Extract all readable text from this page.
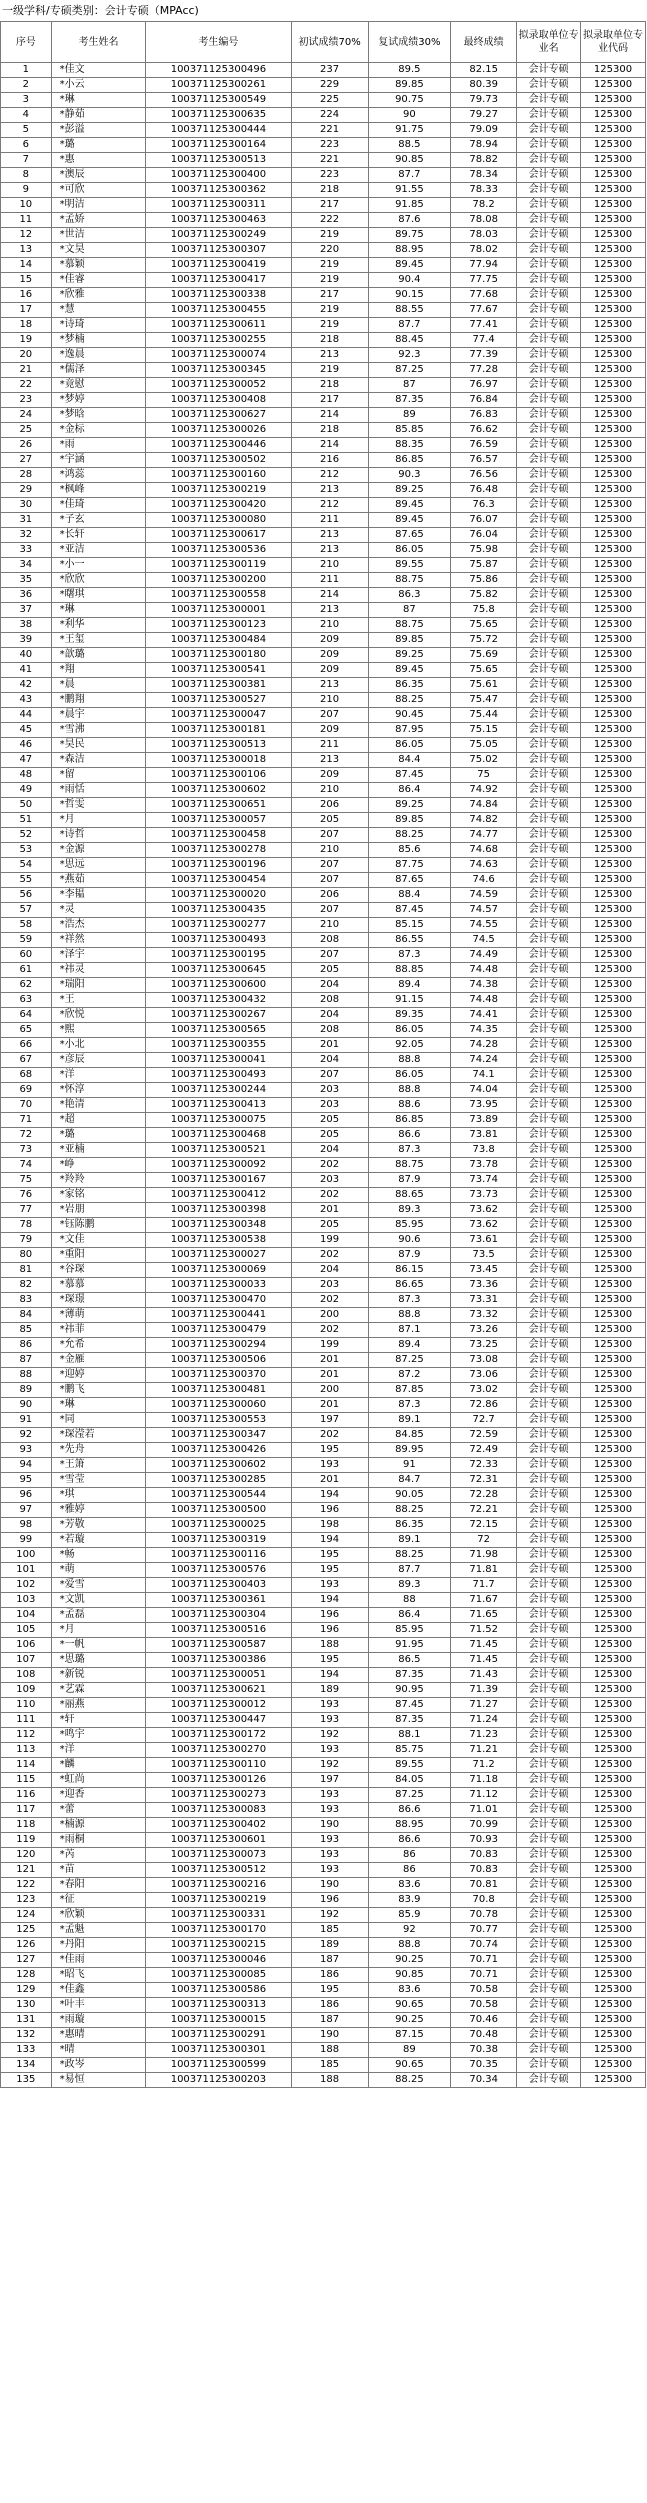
一级学科/专硕类别：会计专硕（MPAcc)
序号	考生姓名	考生编号	初试成绩70%	复试成绩30%	最终成绩	拟录取单位专业名	拟录取单位专业代码
1	*佳文	100371125300496	237	89.5	82.15	会计专硕	125300
2	*小云	100371125300261	229	89.85	80.39	会计专硕	125300
3	*琳	100371125300549	225	90.75	79.73	会计专硕	125300
4	*静茹	100371125300635	224	90	79.27	会计专硕	125300
5	*彭溢	100371125300444	221	91.75	79.09	会计专硕	125300
6	*璐	100371125300164	223	88.5	78.94	会计专硕	125300
7	*惠	100371125300513	221	90.85	78.82	会计专硕	125300
8	*澳辰	100371125300400	223	87.7	78.34	会计专硕	125300
9	*可欣	100371125300362	218	91.55	78.33	会计专硕	125300
10	*明洁	100371125300311	217	91.85	78.2	会计专硕	125300
11	*孟娇	100371125300463	222	87.6	78.08	会计专硕	125300
12	*世洁	100371125300249	219	89.75	78.03	会计专硕	125300
13	*文昊	100371125300307	220	88.95	78.02	会计专硕	125300
14	*慕颖	100371125300419	219	89.45	77.94	会计专硕	125300
15	*佳睿	100371125300417	219	90.4	77.75	会计专硕	125300
16	*欣雅	100371125300338	217	90.15	77.68	会计专硕	125300
17	*慧	100371125300455	219	88.55	77.67	会计专硕	125300
18	*诗琦	100371125300611	219	87.7	77.41	会计专硕	125300
19	*梦楠	100371125300255	218	88.45	77.4	会计专硕	125300
20	*逸晨	100371125300074	213	92.3	77.39	会计专硕	125300
21	*儒泽	100371125300345	219	87.25	77.28	会计专硕	125300
22	*竟慰	100371125300052	218	87	76.97	会计专硕	125300
23	*梦婷	100371125300408	217	87.35	76.84	会计专硕	125300
24	*梦晗	100371125300627	214	89	76.83	会计专硕	125300
25	*金标	100371125300026	218	85.85	76.62	会计专硕	125300
26	*雨	100371125300446	214	88.35	76.59	会计专硕	125300
27	*宇涵	100371125300502	216	86.85	76.57	会计专硕	125300
28	*鸿蕊	100371125300160	212	90.3	76.56	会计专硕	125300
29	*枫峰	100371125300219	213	89.25	76.48	会计专硕	125300
30	*佳琦	100371125300420	212	89.45	76.3	会计专硕	125300
31	*子玄	100371125300080	211	89.45	76.07	会计专硕	125300
32	*长轩	100371125300617	213	87.65	76.04	会计专硕	125300
33	*亚洁	100371125300536	213	86.05	75.98	会计专硕	125300
34	*小一	100371125300119	210	89.55	75.87	会计专硕	125300
35	*欣欣	100371125300200	211	88.75	75.86	会计专硕	125300
36	*曙琪	100371125300558	214	86.3	75.82	会计专硕	125300
37	*琳	100371125300001	213	87	75.8	会计专硕	125300
38	*利华	100371125300123	210	88.75	75.65	会计专硕	125300
39	*王玺	100371125300484	209	89.85	75.72	会计专硕	125300
40	*歆璐	100371125300180	209	89.25	75.69	会计专硕	125300
41	*翔	100371125300541	209	89.45	75.65	会计专硕	125300
42	*晨	100371125300381	213	86.35	75.61	会计专硕	125300
43	*鹏翔	100371125300527	210	88.25	75.47	会计专硕	125300
44	*晨宇	100371125300047	207	90.45	75.44	会计专硕	125300
45	*雪沸	100371125300181	209	87.95	75.15	会计专硕	125300
46	*昊民	100371125300513	211	86.05	75.05	会计专硕	125300
47	*森洁	100371125300018	213	84.4	75.02	会计专硕	125300
48	*留	100371125300106	209	87.45	75	会计专硕	125300
49	*雨恬	100371125300602	210	86.4	74.92	会计专硕	125300
50	*哲雯	100371125300651	206	89.25	74.84	会计专硕	125300
51	*月	100371125300057	205	89.85	74.82	会计专硕	125300
52	*诗哲	100371125300458	207	88.25	74.77	会计专硕	125300
53	*金源	100371125300278	210	85.6	74.68	会计专硕	125300
54	*思远	100371125300196	207	87.75	74.63	会计专硕	125300
55	*燕茹	100371125300454	207	87.65	74.6	会计专硕	125300
56	*李韫	100371125300020	206	88.4	74.59	会计专硕	125300
57	*灵	100371125300435	207	87.45	74.57	会计专硕	125300
58	*浩杰	100371125300277	210	85.15	74.55	会计专硕	125300
59	*祥然	100371125300493	208	86.55	74.5	会计专硕	125300
60	*泽宇	100371125300195	207	87.3	74.49	会计专硕	125300
61	*祎灵	100371125300645	205	88.85	74.48	会计专硕	125300
62	*瑞阳	100371125300600	204	89.4	74.38	会计专硕	125300
63	*王	100371125300432	208	91.15	74.48	会计专硕	125300
64	*欣悦	100371125300267	204	89.35	74.41	会计专硕	125300
65	*熙	100371125300565	208	86.05	74.35	会计专硕	125300
66	*小北	100371125300355	201	92.05	74.28	会计专硕	125300
67	*彦辰	100371125300041	204	88.8	74.24	会计专硕	125300
68	*洋	100371125300493	207	86.05	74.1	会计专硕	125300
69	*怀淳	100371125300244	203	88.8	74.04	会计专硕	125300
70	*艳清	100371125300413	203	88.6	73.95	会计专硕	125300
71	*超	100371125300075	205	86.85	73.89	会计专硕	125300
72	*璐	100371125300468	205	86.6	73.81	会计专硕	125300
73	*亚楠	100371125300521	204	87.3	73.8	会计专硕	125300
74	*峥	100371125300092	202	88.75	73.78	会计专硕	125300
75	*羚羚	100371125300167	203	87.9	73.74	会计专硕	125300
76	*家铭	100371125300412	202	88.65	73.73	会计专硕	125300
77	*岩朋	100371125300398	201	89.3	73.62	会计专硕	125300
78	*钰陈鹏	100371125300348	205	85.95	73.62	会计专硕	125300
79	*文佳	100371125300538	199	90.6	73.61	会计专硕	125300
80	*重阳	100371125300027	202	87.9	73.5	会计专硕	125300
81	*谷琛	100371125300069	204	86.15	73.45	会计专硕	125300
82	*慕慕	100371125300033	203	86.65	73.36	会计专硕	125300
83	*琛璟	100371125300470	202	87.3	73.31	会计专硕	125300
84	*薄萌	100371125300441	200	88.8	73.32	会计专硕	125300
85	*祎菲	100371125300479	202	87.1	73.26	会计专硕	125300
86	*允希	100371125300294	199	89.4	73.25	会计专硕	125300
87	*金雁	100371125300506	201	87.25	73.08	会计专硕	125300
88	*迎婷	100371125300370	201	87.2	73.06	会计专硕	125300
89	*鹏飞	100371125300481	200	87.85	73.02	会计专硕	125300
90	*琳	100371125300060	201	87.3	72.86	会计专硕	125300
91	*同	100371125300553	197	89.1	72.7	会计专硕	125300
92	*琛滢若	100371125300347	202	84.85	72.59	会计专硕	125300
93	*先舟	100371125300426	195	89.95	72.49	会计专硕	125300
94	*王箫	100371125300602	193	91	72.33	会计专硕	125300
95	*雪莹	100371125300285	201	84.7	72.31	会计专硕	125300
96	*琪	100371125300544	194	90.05	72.28	会计专硕	125300
97	*雅婷	100371125300500	196	88.25	72.21	会计专硕	125300
98	*芳敬	100371125300025	198	86.35	72.15	会计专硕	125300
99	*若璇	100371125300319	194	89.1	72	会计专硕	125300
100	*畅	100371125300116	195	88.25	71.98	会计专硕	125300
101	*萌	100371125300576	195	87.7	71.81	会计专硕	125300
102	*爱雪	100371125300403	193	89.3	71.7	会计专硕	125300
103	*文凯	100371125300361	194	88	71.67	会计专硕	125300
104	*孟磊	100371125300304	196	86.4	71.65	会计专硕	125300
105	*月	100371125300516	196	85.95	71.52	会计专硕	125300
106	*一帆	100371125300587	188	91.95	71.45	会计专硕	125300
107	*思璐	100371125300386	195	86.5	71.45	会计专硕	125300
108	*新锐	100371125300051	194	87.35	71.43	会计专硕	125300
109	*艺霖	100371125300621	189	90.95	71.39	会计专硕	125300
110	*丽燕	100371125300012	193	87.45	71.27	会计专硕	125300
111	*轩	100371125300447	193	87.35	71.24	会计专硕	125300
112	*鸣宇	100371125300172	192	88.1	71.23	会计专硕	125300
113	*洋	100371125300270	193	85.75	71.21	会计专硕	125300
114	*麟	100371125300110	192	89.55	71.2	会计专硕	125300
115	*虹尚	100371125300126	197	84.05	71.18	会计专硕	125300
116	*迎香	100371125300273	193	87.25	71.12	会计专硕	125300
117	*蕾	100371125300083	193	86.6	71.01	会计专硕	125300
118	*楠源	100371125300402	190	88.95	70.99	会计专硕	125300
119	*雨桐	100371125300601	193	86.6	70.93	会计专硕	125300
120	*芮	100371125300073	193	86	70.83	会计专硕	125300
121	*苗	100371125300512	193	86	70.83	会计专硕	125300
122	*春阳	100371125300216	190	83.6	70.81	会计专硕	125300
123	*征	100371125300219	196	83.9	70.8	会计专硕	125300
124	*欣颖	100371125300331	192	85.9	70.78	会计专硕	125300
125	*孟魁	100371125300170	185	92	70.77	会计专硕	125300
126	*丹阳	100371125300215	189	88.8	70.74	会计专硕	125300
127	*佳雨	100371125300046	187	90.25	70.71	会计专硕	125300
128	*昭飞	100371125300085	186	90.85	70.71	会计专硕	125300
129	*佳鑫	100371125300586	195	83.6	70.58	会计专硕	125300
130	*叶丰	100371125300313	186	90.65	70.58	会计专硕	125300
131	*雨璇	100371125300015	187	90.25	70.46	会计专硕	125300
132	*惠晴	100371125300291	190	87.15	70.48	会计专硕	125300
133	*晴	100371125300301	188	89	70.38	会计专硕	125300
134	*政岑	100371125300599	185	90.65	70.35	会计专硕	125300
135	*易恒	100371125300203	188	88.25	70.34	会计专硕	125300
